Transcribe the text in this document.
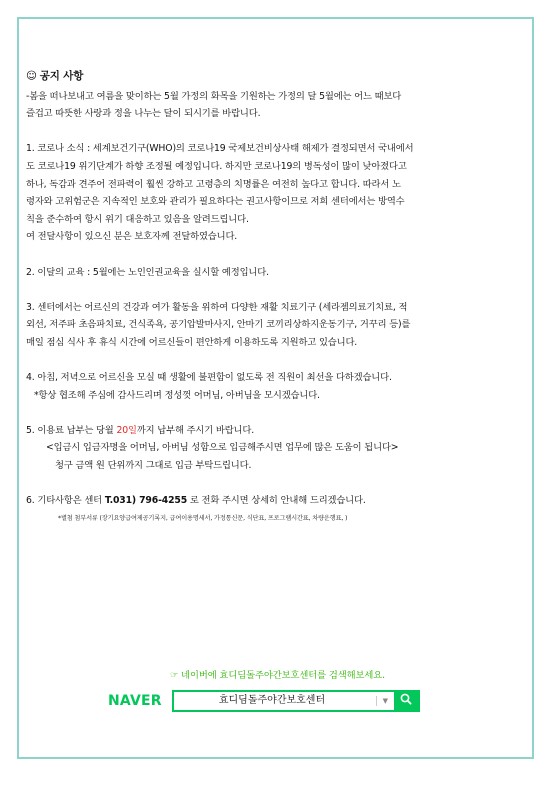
☺ 공지 사항

-봄을 떠나보내고 여름을 맞이하는 5월 가정의 화목을 기원하는 가정의 달 5월에는 어느 때보다

즐겁고 따뜻한 사랑과 정을 나누는 달이 되시기를 바랍니다.

1. 코로나 소식 : 세계보건기구(WHO)의 코로나19 국제보건비상사태 해제가 결정되면서 국내에서

도 코로나19 위기단계가 하향 조정될 예정입니다. 하지만 코로나19의 병독성이 많이 낮아졌다고

하나, 독감과 견주어 전파력이 훨씬 강하고 고령층의 치명률은 여전히 높다고 합니다. 따라서 노

령자와 고위험군은 지속적인 보호와 관리가 필요하다는 권고사항이므로 저희 센터에서는 방역수

칙을 준수하여 항시 위기 대응하고 있음을 알려드립니다.

여 전달사항이 있으신 분은 보호자께 전달하였습니다.

2. 이달의 교육 : 5월에는 노인인권교육을 실시할 예정입니다.

3. 센터에서는 어르신의 건강과 여가 활동을 위하여 다양한 재활 치료기구 (세라젬의료기치료, 적

외선, 저주파 초음파치료, 건식족욕, 공기압발마사지, 안마기 코끼리상하지운동기구, 거꾸리 등)를

매일 점심 식사 후 휴식 시간에 어르신들이 편안하게 이용하도록 지원하고 있습니다.

4. 아침, 저녁으로 어르신을 모실 때 생활에 불편함이 없도록 전 직원이 최선을 다하겠습니다.

*항상 협조해 주심에 감사드리며 정성껏 어머님, 아버님을 모시겠습니다.

5. 이용료 납부는 당월 20일까지 납부해 주시기 바랍니다.

<입금시 입금자명을 어머님, 아버님 성함으로 입금해주시면 업무에 많은 도움이 됩니다>

청구 금액 원 단위까지 그대로 입금 부탁드립니다.

6. 기타사항은 센터 T.031) 796-4255 로 전화 주시면 상세히 안내해 드리겠습니다.

*별첨 첨부서류 (장기요양급여제공기록지, 급여이용명세서, 가정통신문, 식단표, 프로그램시간표, 차량운행표, )

☞ 네이버에 효디딤돌주야간보호센터를 검색해보세요.
NAVER	효디딤돌주야간보호센터	▼
